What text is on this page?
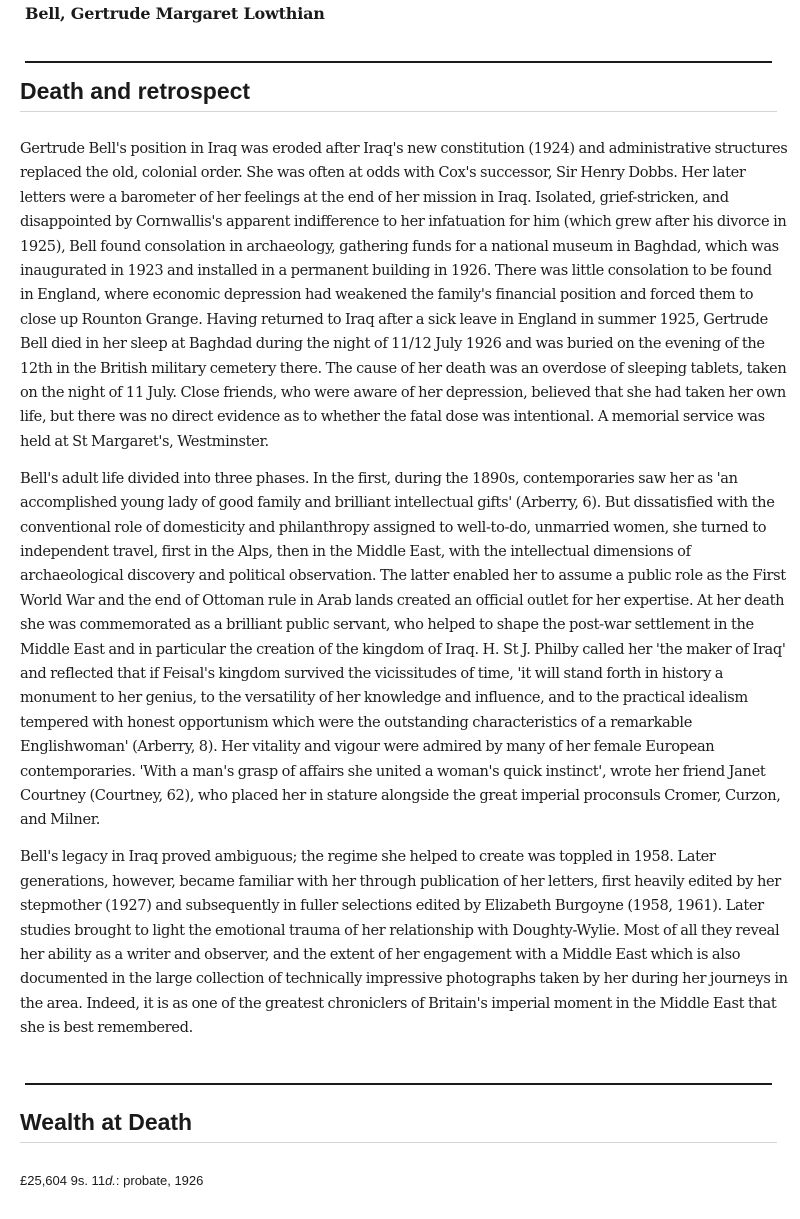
Bell, Gertrude Margaret Lowthian
Death and retrospect

Gertrude Bell's position in Iraq was eroded after Iraq's new constitution (1924) and administrative structures replaced the old, colonial order. She was often at odds with Cox's successor, Sir Henry Dobbs. Her later letters were a barometer of her feelings at the end of her mission in Iraq. Isolated, grief-stricken, and disappointed by Cornwallis's apparent indifference to her infatuation for him (which grew after his divorce in 1925), Bell found consolation in archaeology, gathering funds for a national museum in Baghdad, which was inaugurated in 1923 and installed in a permanent building in 1926. There was little consolation to be found in England, where economic depression had weakened the family's financial position and forced them to close up Rounton Grange. Having returned to Iraq after a sick leave in England in summer 1925, Gertrude Bell died in her sleep at Baghdad during the night of 11/12 July 1926 and was buried on the evening of the 12th in the British military cemetery there. The cause of her death was an overdose of sleeping tablets, taken on the night of 11 July. Close friends, who were aware of her depression, believed that she had taken her own life, but there was no direct evidence as to whether the fatal dose was intentional. A memorial service was held at St Margaret's, Westminster.

Bell's adult life divided into three phases. In the first, during the 1890s, contemporaries saw her as 'an accomplished young lady of good family and brilliant intellectual gifts' (Arberry, 6). But dissatisfied with the conventional role of domesticity and philanthropy assigned to well-to-do, unmarried women, she turned to independent travel, first in the Alps, then in the Middle East, with the intellectual dimensions of archaeological discovery and political observation. The latter enabled her to assume a public role as the First World War and the end of Ottoman rule in Arab lands created an official outlet for her expertise. At her death she was commemorated as a brilliant public servant, who helped to shape the post-war settlement in the Middle East and in particular the creation of the kingdom of Iraq. H. St J. Philby called her 'the maker of Iraq' and reflected that if Feisal's kingdom survived the vicissitudes of time, 'it will stand forth in history a monument to her genius, to the versatility of her knowledge and influence, and to the practical idealism tempered with honest opportunism which were the outstanding characteristics of a remarkable Englishwoman' (Arberry, 8). Her vitality and vigour were admired by many of her female European contemporaries. 'With a man's grasp of affairs she united a woman's quick instinct', wrote her friend Janet Courtney (Courtney, 62), who placed her in stature alongside the great imperial proconsuls Cromer, Curzon, and Milner.

Bell's legacy in Iraq proved ambiguous; the regime she helped to create was toppled in 1958. Later generations, however, became familiar with her through publication of her letters, first heavily edited by her stepmother (1927) and subsequently in fuller selections edited by Elizabeth Burgoyne (1958, 1961). Later studies brought to light the emotional trauma of her relationship with Doughty-Wylie. Most of all they reveal her ability as a writer and observer, and the extent of her engagement with a Middle East which is also documented in the large collection of technically impressive photographs taken by her during her journeys in the area. Indeed, it is as one of the greatest chroniclers of Britain's imperial moment in the Middle East that she is best remembered.

Wealth at Death
£25,604 9s. 11d.: probate, 1926
